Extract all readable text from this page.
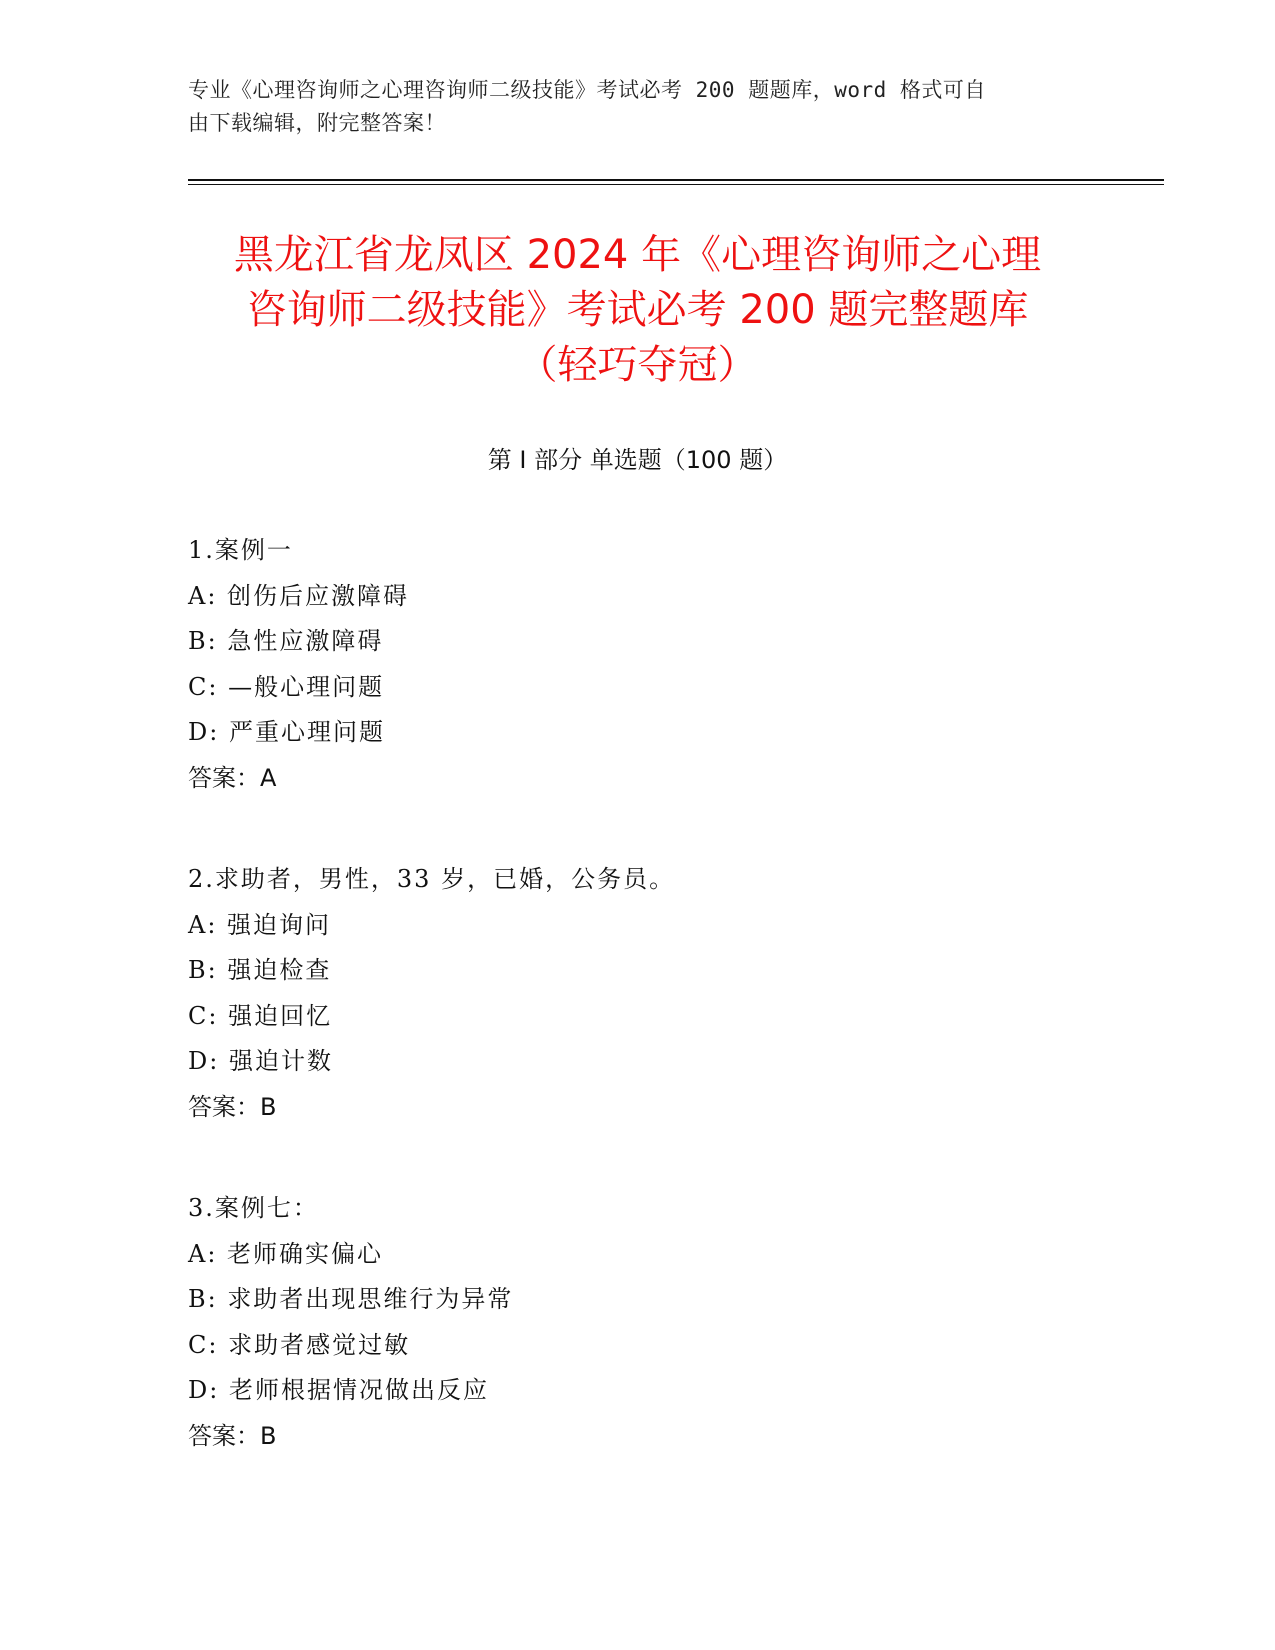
专业《心理咨询师之心理咨询师二级技能》考试必考 200 题题库，word 格式可自
由下载编辑，附完整答案！
黑龙江省龙凤区 2024 年《心理咨询师之心理
咨询师二级技能》考试必考 200 题完整题库
（轻巧夺冠）
第 I 部分 单选题（100 题）
1.案例一
A: 创伤后应激障碍
B: 急性应激障碍
C: —般心理问题
D: 严重心理问题
答案：A
2.求助者，男性，33 岁，已婚，公务员。
A: 强迫询问
B: 强迫检查
C: 强迫回忆
D: 强迫计数
答案：B
3.案例七：
A: 老师确实偏心
B: 求助者出现思维行为异常
C: 求助者感觉过敏
D: 老师根据情况做出反应
答案：B
